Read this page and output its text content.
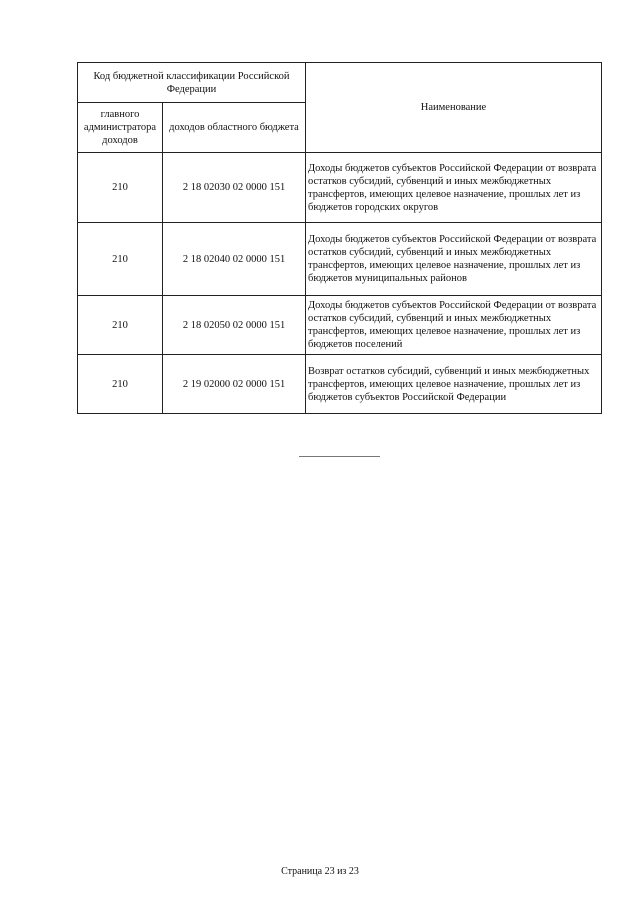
Код бюджетной классификации Российской Федерации		Наименование
главного администратора доходов	доходов областного бюджета	
210	2 18 02030 02 0000 151	Доходы бюджетов субъектов Российской Федерации от возврата остатков субсидий, субвенций и иных межбюджетных трансфертов, имеющих целевое назначение, прошлых лет из бюджетов городских округов
210	2 18 02040 02 0000 151	Доходы бюджетов субъектов Российской Федерации от возврата остатков субсидий, субвенций и иных межбюджетных трансфертов, имеющих целевое назначение, прошлых лет из бюджетов муниципальных районов
210	2 18 02050 02 0000 151	Доходы бюджетов субъектов Российской Федерации от возврата остатков субсидий, субвенций и иных межбюджетных трансфертов, имеющих целевое назначение, прошлых лет из бюджетов поселений
210	2 19 02000 02 0000 151	Возврат остатков субсидий, субвенций и иных межбюджетных трансфертов, имеющих целевое назначение, прошлых лет из бюджетов субъектов Российской Федерации
Страница 23 из 23
